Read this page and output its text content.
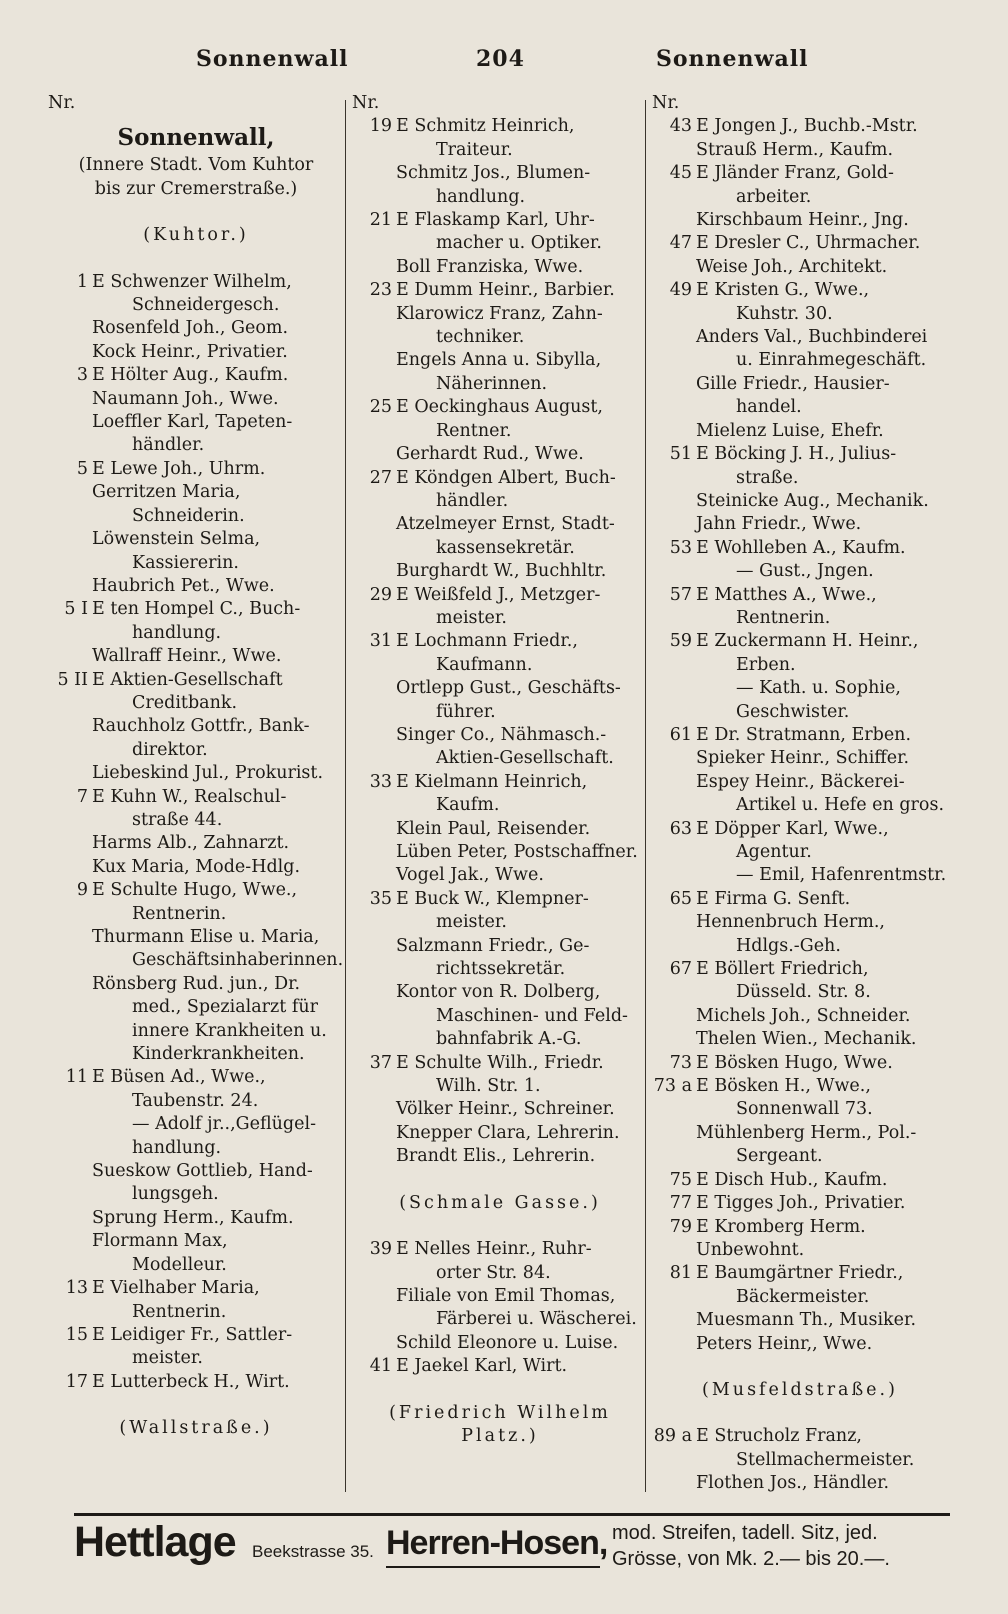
Sonnenwall	204	Sonnenwall
Nr.
Sonnenwall,
(Innere Stadt. Vom Kuhtor
bis zur Cremerstraße.)
(Kuhtor.)
1 E Schwenzer Wilhelm,
Schneidergesch.
Rosenfeld Joh., Geom.
Kock Heinr., Privatier.
3 E Hölter Aug., Kaufm.
Naumann Joh., Wwe.
Loeffler Karl, Tapeten-
händler.
5 E Lewe Joh., Uhrm.
Gerritzen Maria,
Schneiderin.
Löwenstein Selma,
Kassiererin.
Haubrich Pet., Wwe.
5 I E ten Hompel C., Buch-
handlung.
Wallraff Heinr., Wwe.
5 II E Aktien-Gesellschaft
Creditbank.
Rauchholz Gottfr., Bank-
direktor.
Liebeskind Jul., Prokurist.
7 E Kuhn W., Realschul-
straße 44.
Harms Alb., Zahnarzt.
Kux Maria, Mode-Hdlg.
9 E Schulte Hugo, Wwe.,
Rentnerin.
Thurmann Elise u. Maria,
Geschäftsinhaberinnen.
Rönsberg Rud. jun., Dr.
med., Spezialarzt für
innere Krankheiten u.
Kinderkrankheiten.
11 E Büsen Ad., Wwe.,
Taubenstr. 24.
— Adolf jr..,Geflügel-
handlung.
Sueskow Gottlieb, Hand-
lungsgeh.
Sprung Herm., Kaufm.
Flormann Max,
Modelleur.
13 E Vielhaber Maria,
Rentnerin.
15 E Leidiger Fr., Sattler-
meister.
17 E Lutterbeck H., Wirt.
(Wallstraße.)
Nr.
19 E Schmitz Heinrich,
Traiteur.
Schmitz Jos., Blumen-
handlung.
21 E Flaskamp Karl, Uhr-
macher u. Optiker.
Boll Franziska, Wwe.
23 E Dumm Heinr., Barbier.
Klarowicz Franz, Zahn-
techniker.
Engels Anna u. Sibylla,
Näherinnen.
25 E Oeckinghaus August,
Rentner.
Gerhardt Rud., Wwe.
27 E Köndgen Albert, Buch-
händler.
Atzelmeyer Ernst, Stadt-
kassensekretär.
Burghardt W., Buchhltr.
29 E Weißfeld J., Metzger-
meister.
31 E Lochmann Friedr.,
Kaufmann.
Ortlepp Gust., Geschäfts-
führer.
Singer Co., Nähmasch.-
Aktien-Gesellschaft.
33 E Kielmann Heinrich,
Kaufm.
Klein Paul, Reisender.
Lüben Peter, Postschaffner.
Vogel Jak., Wwe.
35 E Buck W., Klempner-
meister.
Salzmann Friedr., Ge-
richtssekretär.
Kontor von R. Dolberg,
Maschinen- und Feld-
bahnfabrik A.-G.
37 E Schulte Wilh., Friedr.
Wilh. Str. 1.
Völker Heinr., Schreiner.
Knepper Clara, Lehrerin.
Brandt Elis., Lehrerin.
(Schmale Gasse.)
39 E Nelles Heinr., Ruhr-
orter Str. 84.
Filiale von Emil Thomas,
Färberei u. Wäscherei.
Schild Eleonore u. Luise.
41 E Jaekel Karl, Wirt.
(Friedrich Wilhelm
Platz.)
Nr.
43 E Jongen J., Buchb.-Mstr.
Strauß Herm., Kaufm.
45 E Jländer Franz, Gold-
arbeiter.
Kirschbaum Heinr., Jng.
47 E Dresler C., Uhrmacher.
Weise Joh., Architekt.
49 E Kristen G., Wwe.,
Kuhstr. 30.
Anders Val., Buchbinderei
u. Einrahmegeschäft.
Gille Friedr., Hausier-
handel.
Mielenz Luise, Ehefr.
51 E Böcking J. H., Julius-
straße.
Steinicke Aug., Mechanik.
Jahn Friedr., Wwe.
53 E Wohlleben A., Kaufm.
— Gust., Jngen.
57 E Matthes A., Wwe.,
Rentnerin.
59 E Zuckermann H. Heinr.,
Erben.
— Kath. u. Sophie,
Geschwister.
61 E Dr. Stratmann, Erben.
Spieker Heinr., Schiffer.
Espey Heinr., Bäckerei-
Artikel u. Hefe en gros.
63 E Döpper Karl, Wwe.,
Agentur.
— Emil, Hafenrentmstr.
65 E Firma G. Senft.
Hennenbruch Herm.,
Hdlgs.-Geh.
67 E Böllert Friedrich,
Düsseld. Str. 8.
Michels Joh., Schneider.
Thelen Wien., Mechanik.
73 E Bösken Hugo, Wwe.
73 a E Bösken H., Wwe.,
Sonnenwall 73.
Mühlenberg Herm., Pol.-
Sergeant.
75 E Disch Hub., Kaufm.
77 E Tigges Joh., Privatier.
79 E Kromberg Herm.
Unbewohnt.
81 E Baumgärtner Friedr.,
Bäckermeister.
Muesmann Th., Musiker.
Peters Heinr,, Wwe.
(Musfeldstraße.)
89 a E Strucholz Franz,
Stellmachermeister.
Flothen Jos., Händler.
Hettlage Beekstrasse 35. Herren-Hosen, mod. Streifen, tadell. Sitz, jed.
Grösse, von Mk. 2.— bis 20.—.
